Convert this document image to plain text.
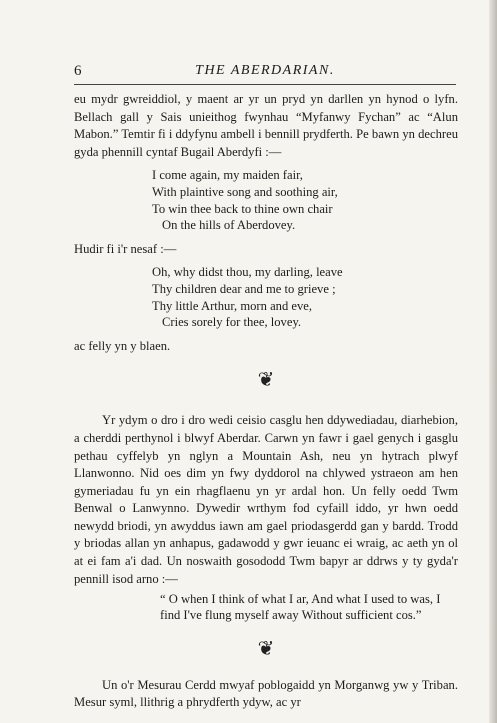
6	THE ABERDARIAN.

eu mydr gwreiddiol, y maent ar yr un pryd yn darllen yn hynod o lyfn. Bellach gall y Sais unieithog fwynhau “Myfanwy Fychan” ac “Alun Mabon.” Temtir fi i ddyfynu ambell i bennill prydferth. Pe bawn yn dechreu gyda phennill cyntaf Bugail Aberdyfi :—

I come again, my maiden fair,
With plaintive song and soothing air,
To win thee back to thine own chair
On the hills of Aberdovey.

Hudir fi i'r nesaf :—

Oh, why didst thou, my darling, leave
Thy children dear and me to grieve ;
Thy little Arthur, morn and eve,
Cries sorely for thee, lovey.

ac felly yn y blaen.

❦

Yr ydym o dro i dro wedi ceisio casglu hen ddywediadau, diarhebion, a cherddi perthynol i blwyf Aberdar. Carwn yn fawr i gael genych i gasglu pethau cyffelyb yn nglyn a Mountain Ash, neu yn hytrach plwyf Llanwonno. Nid oes dim yn fwy dyddorol na chlywed ystraeon am hen gymeriadau fu yn ein rhagflaenu yn yr ardal hon. Un felly oedd Twm Benwal o Lanwynno. Dywedir wrthym fod cyfaill iddo, yr hwn oedd newydd briodi, yn awyddus iawn am gael priodasgerdd gan y bardd. Trodd y briodas allan yn anhapus, gadawodd y gwr ieuanc ei wraig, ac aeth yn ol at ei fam a'i dad. Un noswaith gosododd Twm bapyr ar ddrws y ty gyda'r pennill isod arno :—

“ O when I think of what I ar, And what I used to was, I find I've flung myself away Without sufficient cos.”
❦

Un o'r Mesurau Cerdd mwyaf poblogaidd yn Morganwg yw y Triban. Mesur syml, llithrig a phrydferth ydyw, ac yr
